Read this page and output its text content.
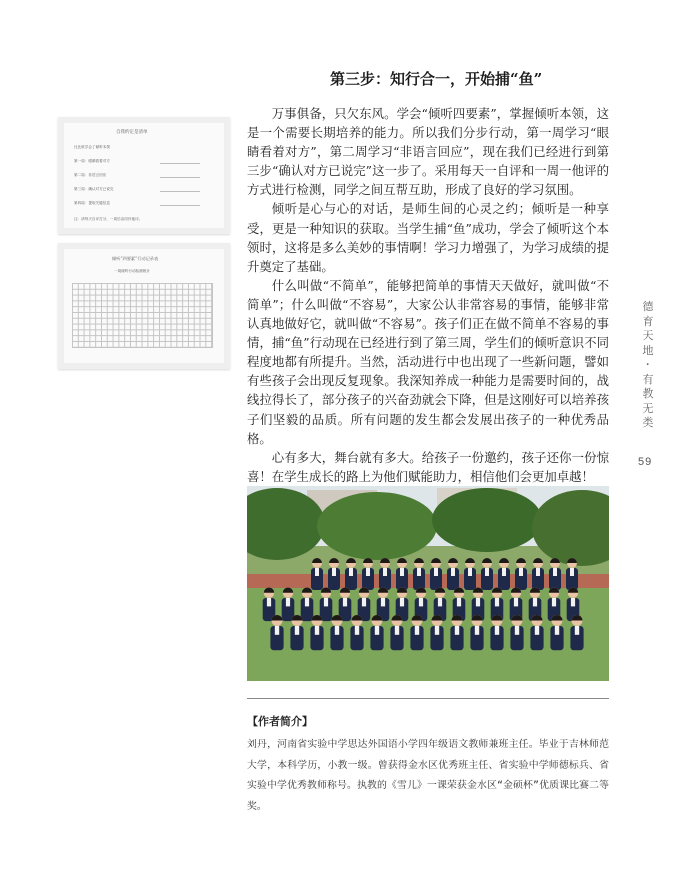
第三步：知行合一，开始捕“鱼”
自我约定是清单
比比谁学会了倾听本领
第一周：眼睛看着对方
第二周：非语言回应
第三周：确认对方已说完
第四周：提取关键信息
注：请每天自评打分，一周后由同伴他评。
倾听“四要素”行动记录表
一周倾听行动检测统计

万事俱备，只欠东风。学会“倾听四要素”，掌握倾听本领，这是一个需要长期培养的能力。所以我们分步行动，第一周学习“眼睛看着对方”，第二周学习“非语言回应”，现在我们已经进行到第三步“确认对方已说完”这一步了。采用每天一自评和一周一他评的方式进行检测，同学之间互帮互助，形成了良好的学习氛围。

倾听是心与心的对话，是师生间的心灵之约；倾听是一种享受，更是一种知识的获取。当学生捕“鱼”成功，学会了倾听这个本领时，这将是多么美妙的事情啊！学习力增强了，为学习成绩的提升奠定了基础。

什么叫做“不简单”，能够把简单的事情天天做好，就叫做“不简单”；什么叫做“不容易”，大家公认非常容易的事情，能够非常认真地做好它，就叫做“不容易”。孩子们正在做不简单不容易的事情，捕“鱼”行动现在已经进行到了第三周，学生们的倾听意识不同程度地都有所提升。当然，活动进行中也出现了一些新问题，譬如有些孩子会出现反复现象。我深知养成一种能力是需要时间的，战线拉得长了，部分孩子的兴奋劲就会下降，但是这刚好可以培养孩子们坚毅的品质。所有问题的发生都会发展出孩子的一种优秀品格。

心有多大，舞台就有多大。给孩子一份邀约，孩子还你一份惊喜！在学生成长的路上为他们赋能助力，相信他们会更加卓越！

【作者简介】

刘丹，河南省实验中学思达外国语小学四年级语文教师兼班主任。毕业于吉林师范大学，本科学历，小教一级。曾获得金水区优秀班主任、省实验中学师德标兵、省实验中学优秀教师称号。执教的《雪儿》一课荣获金水区“金硕杯”优质课比赛二等奖。

德
育
天
地
·
有
教
无
类
59
